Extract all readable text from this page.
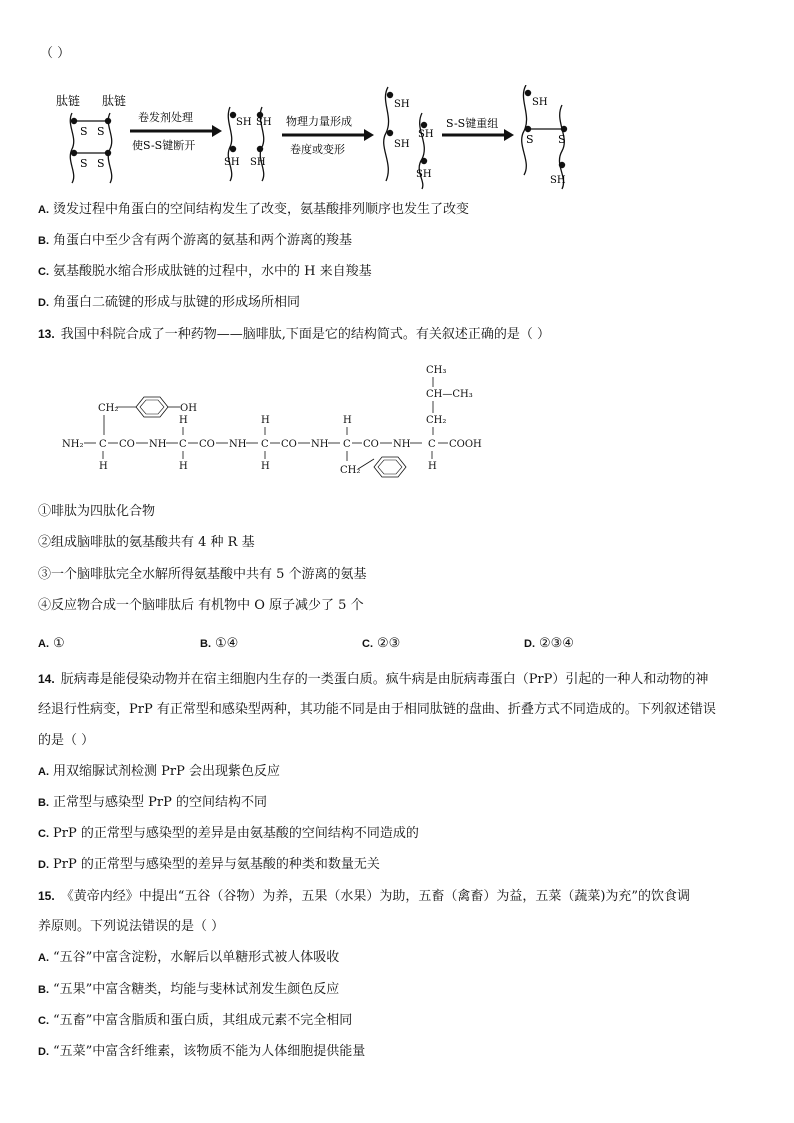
（ ）
肽链 肽链
S S
S S
卷发剂处理
使S-S键断开
SH SH
SH SH
物理力量形成
卷度或变形
SH
SH
SH
SH
S-S键重组
SH
S S
SH
A. 烫发过程中角蛋白的空间结构发生了改变，氨基酸排列顺序也发生了改变
B. 角蛋白中至少含有两个游离的氨基和两个游离的羧基
C. 氨基酸脱水缩合形成肽链的过程中，水中的 H 来自羧基
D. 角蛋白二硫键的形成与肽键的形成场所相同
13. 我国中科院合成了一种药物——脑啡肽,下面是它的结构简式。有关叙述正确的是（ ）
CH₃
CH—CH₃
CH₂
CH₂	OH
NH₂ C CO NH C CO NH C CO NH C CO NH C COOH
H
H
H
H
H
H
H
CH₂
①啡肽为四肽化合物
②组成脑啡肽的氨基酸共有 4 种 R 基
③一个脑啡肽完全水解所得氨基酸中共有 5 个游离的氨基
④反应物合成一个脑啡肽后 有机物中 O 原子减少了 5 个
A. ①	B. ①④	C. ②③	D. ②③④
14. 朊病毒是能侵染动物并在宿主细胞内生存的一类蛋白质。疯牛病是由朊病毒蛋白（PrP）引起的一种人和动物的神
经退行性病变，PrP 有正常型和感染型两种，其功能不同是由于相同肽链的盘曲、折叠方式不同造成的。下列叙述错误
的是（ ）
A. 用双缩脲试剂检测 PrP 会出现紫色反应
B. 正常型与感染型 PrP 的空间结构不同
C. PrP 的正常型与感染型的差异是由氨基酸的空间结构不同造成的
D. PrP 的正常型与感染型的差异与氨基酸的种类和数量无关
15. 《黄帝内经》中提出“五谷（谷物）为养，五果（水果）为助，五畜（禽畜）为益，五菜（蔬菜)为充”的饮食调
养原则。下列说法错误的是（ ）
A. “五谷”中富含淀粉，水解后以单糖形式被人体吸收
B. “五果”中富含糖类，均能与斐林试剂发生颜色反应
C. “五畜”中富含脂质和蛋白质，其组成元素不完全相同
D. “五菜”中富含纤维素，该物质不能为人体细胞提供能量
